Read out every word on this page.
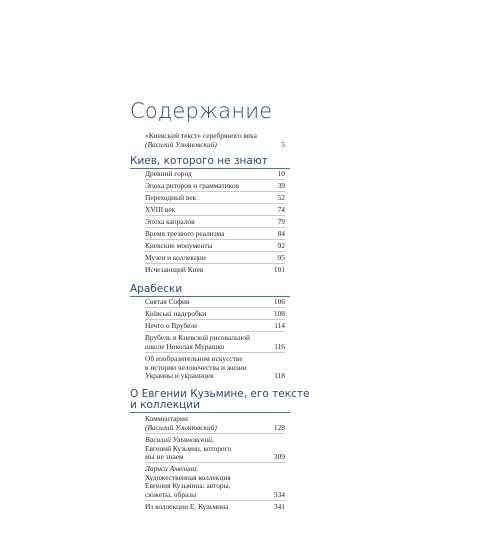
Содержание
«Киевский текст» серебряного века
(Василий Ульяновский)	5
Киев, которого не знают
Древний город	10
Эпоха риторов и грамматиков	39
Переходный век	52
XVIII век	74
Эпоха капралов	79
Время трезвого реализма	84
Киевские монументы	92
Музеи и коллекции	95
Исчезающий Киев	101
Арабески
Святая София	106
Київські надгробки	108
Нечто о Врубеле	114
Врубель в Киевской рисовальной
школе Николая Мурашко	116
Об изобразительном искусстве
в истории человечества и жизни
Украины и украинцев	118
О Евгении Кузьмине, его тексте
и коллекции
Комментарии
(Василий Ульяновский)	128
Василий Ульяновский.
Евгений Кузьмин, которого
мы не знаем	309
Лариса Амелина.
Художественная коллекция
Евгения Кузьмина: авторы,
сюжеты, образы	334
Из коллекции Е. Кузьмина	341
